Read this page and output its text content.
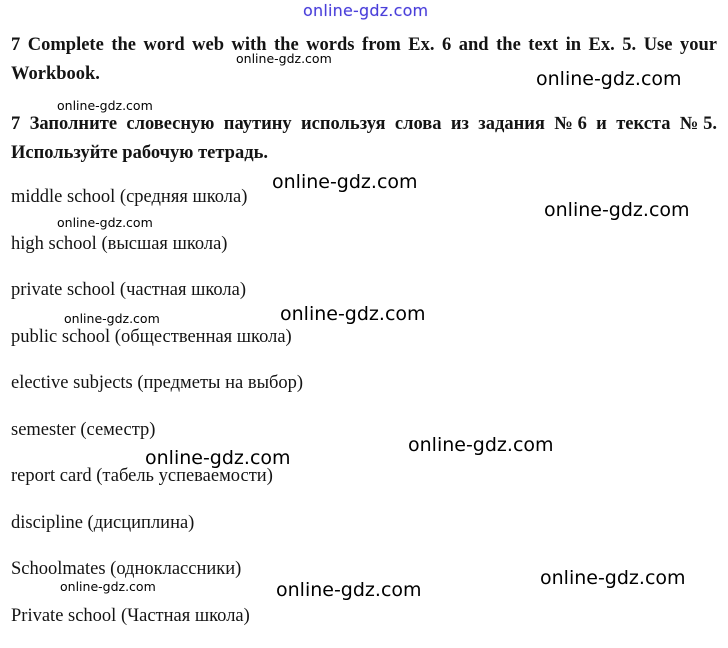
online-gdz.com
7 Complete the word web with the words from Ex. 6 and the text in Ex. 5. Use your Workbook.
7 Заполните словесную паутину используя слова из задания №6 и текста №5. Используйте рабочую тетрадь.
middle school (средняя школа)
high school (высшая школа)
private school (частная школа)
public school (общественная школа)
elective subjects (предметы на выбор)
semester (семестр)
report card (табель успеваемости)
discipline (дисциплина)
Schoolmates (одноклассники)
Private school (Частная школа)
online-gdz.com
online-gdz.com
online-gdz.com
online-gdz.com
online-gdz.com
online-gdz.com
online-gdz.com
online-gdz.com
online-gdz.com
online-gdz.com
online-gdz.com
online-gdz.com	online-gdz.com
